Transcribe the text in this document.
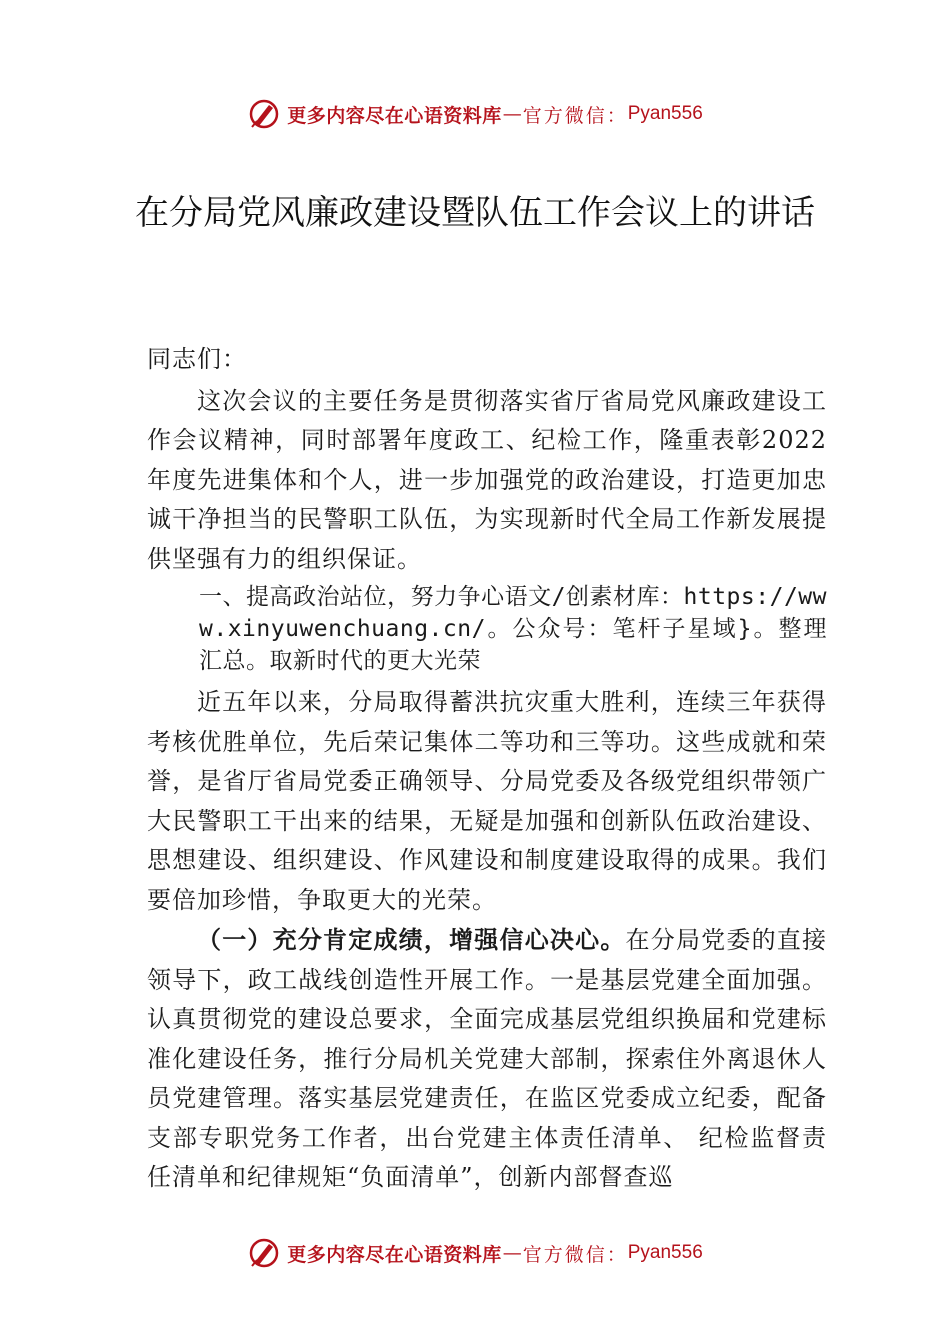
更多内容尽在心语资料库 — 官方微信： Pyan556
在分局党风廉政建设暨队伍工作会议上的讲话

同志们：

这次会议的主要任务是贯彻落实省厅省局党风廉政建设工作会议精神，同时部署年度政工、纪检工作，隆重表彰2022年度先进集体和个人，进一步加强党的政治建设，打造更加忠诚干净担当的民警职工队伍，为实现新时代全局工作新发展提供坚强有力的组织保证。

一、提高政治站位，努力争心语文/创素材库：https://www.xinyuwenchuang.cn/。公众号：笔杆子星域}。整理汇总。取新时代的更大光荣

近五年以来，分局取得蓄洪抗灾重大胜利，连续三年获得考核优胜单位，先后荣记集体二等功和三等功。这些成就和荣誉，是省厅省局党委正确领导、分局党委及各级党组织带领广大民警职工干出来的结果，无疑是加强和创新队伍政治建设、思想建设、组织建设、作风建设和制度建设取得的成果。我们要倍加珍惜，争取更大的光荣。

（一）充分肯定成绩，增强信心决心。在分局党委的直接领导下，政工战线创造性开展工作。一是基层党建全面加强。认真贯彻党的建设总要求，全面完成基层党组织换届和党建标准化建设任务，推行分局机关党建大部制，探索住外离退休人员党建管理。落实基层党建责任，在监区党委成立纪委，配备支部专职党务工作者，出台党建主体责任清单、 纪检监督责任清单和纪律规矩“负面清单”，创新内部督查巡

更多内容尽在心语资料库 — 官方微信： Pyan556
